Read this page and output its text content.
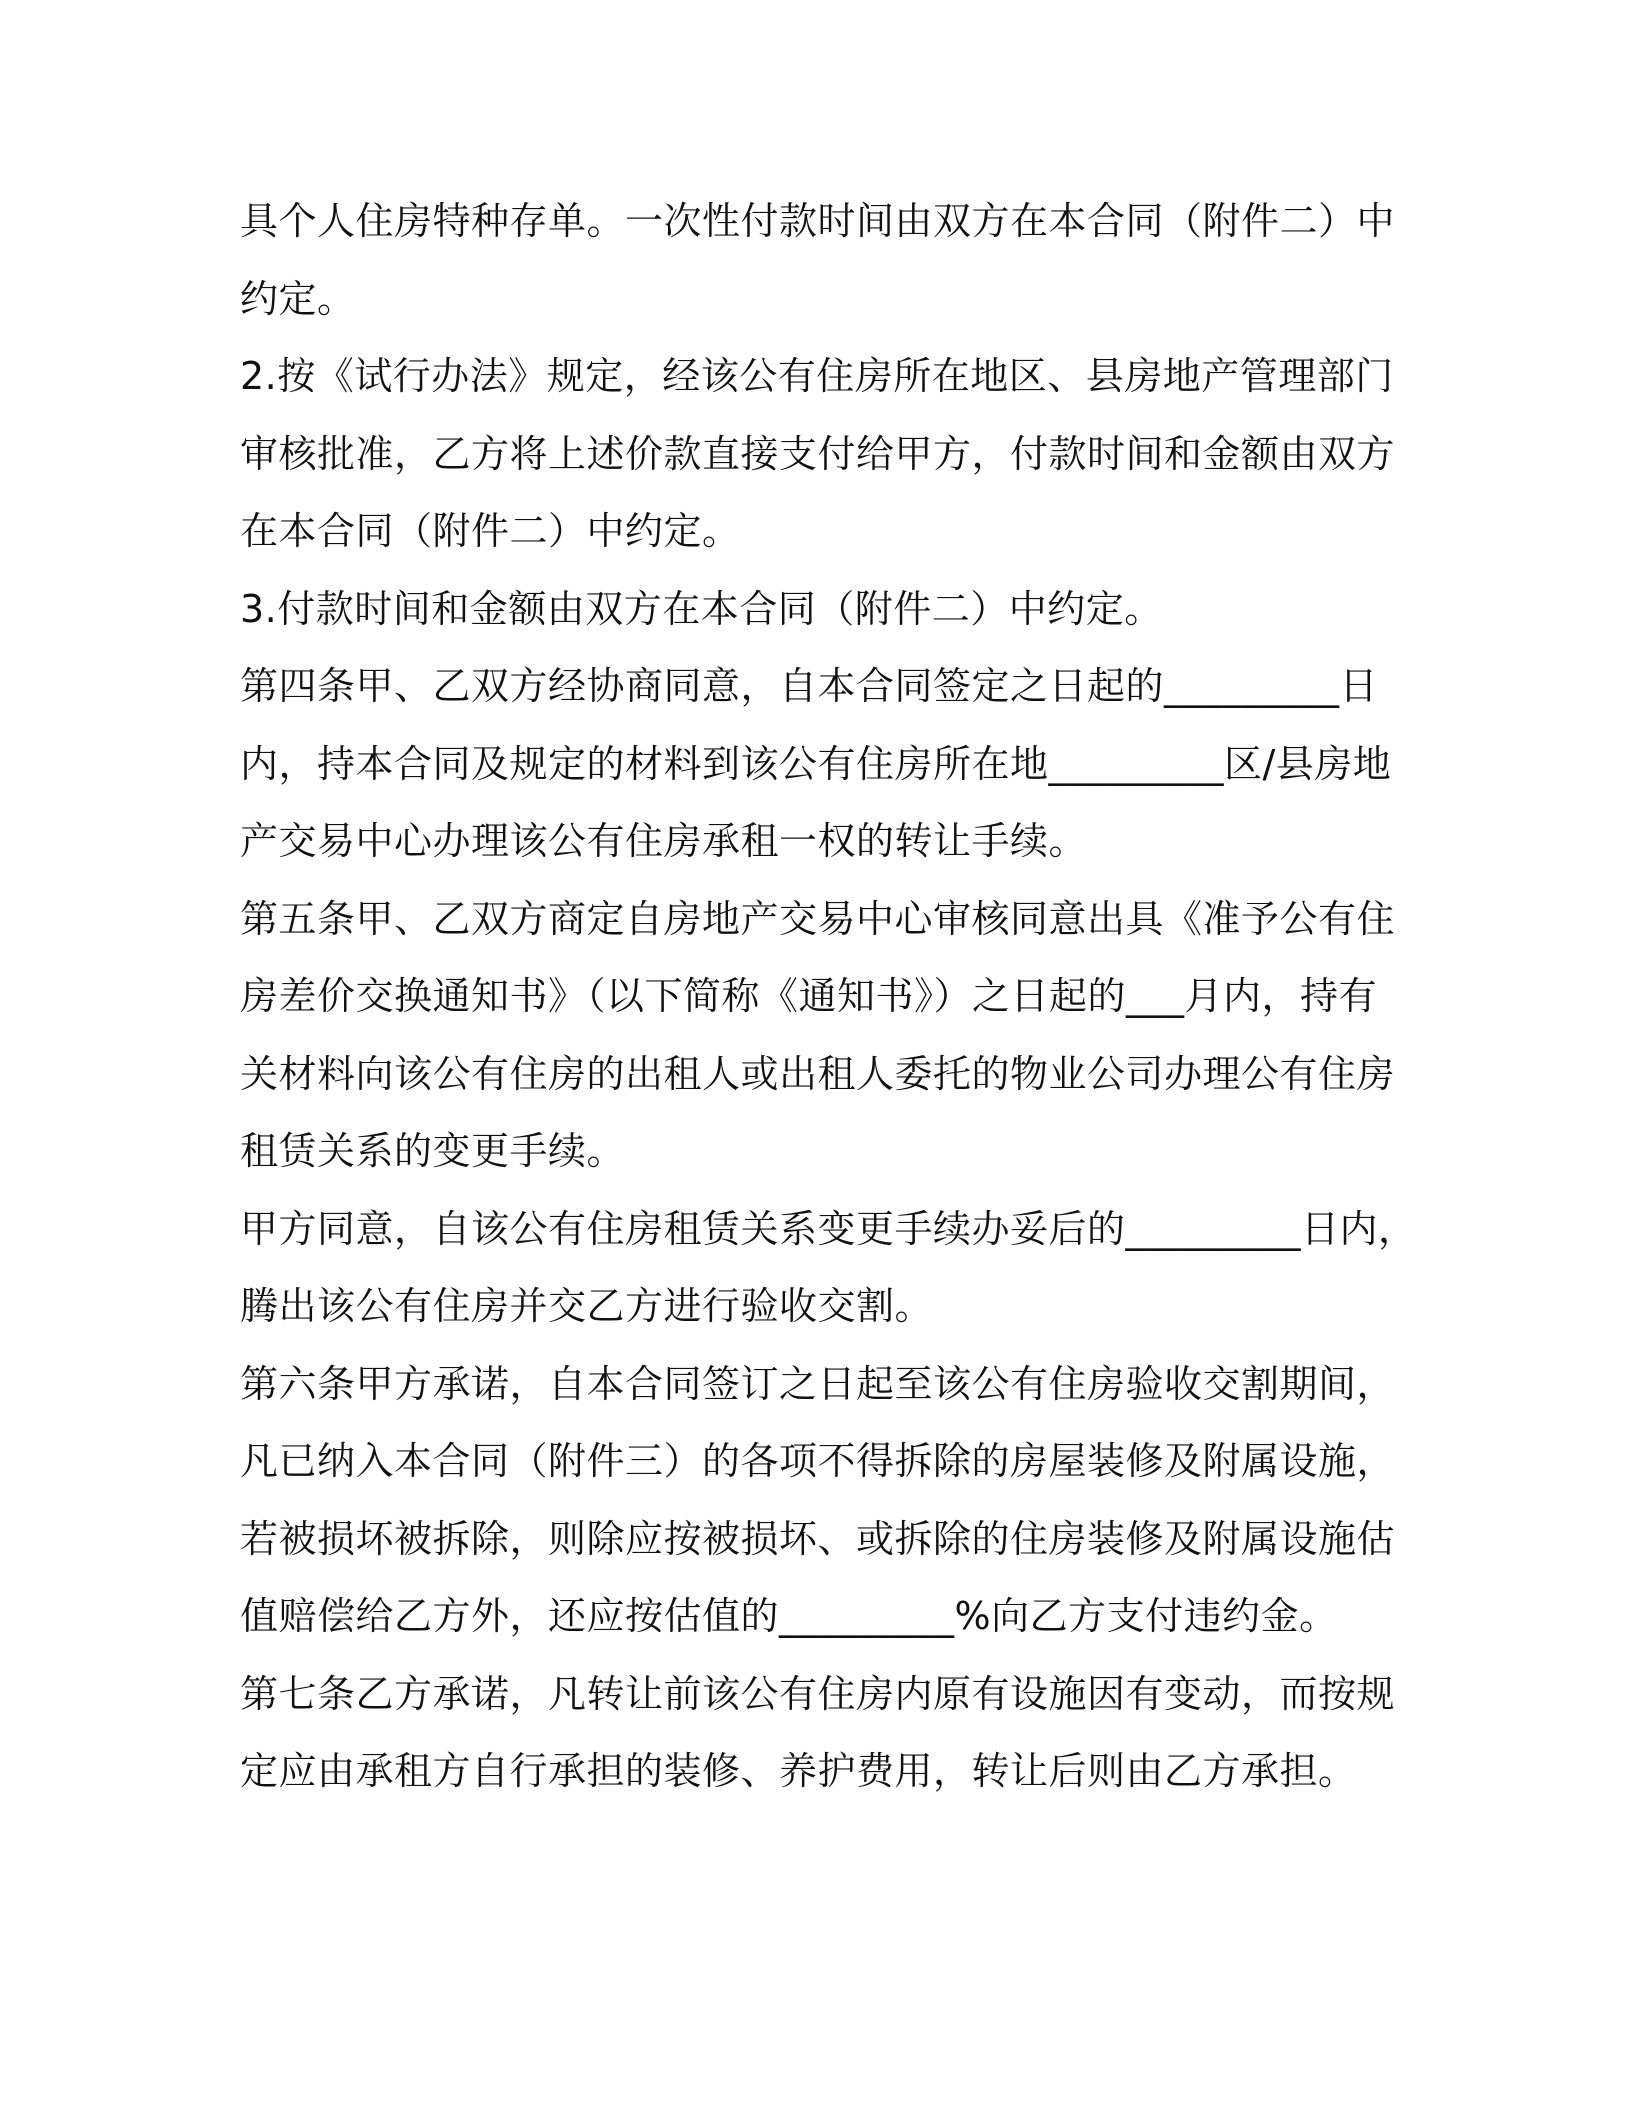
具个人住房特种存单。一次性付款时间由双方在本合同（附件二）中
约定。
2.按《试行办法》规定，经该公有住房所在地区、县房地产管理部门
审核批准，乙方将上述价款直接支付给甲方，付款时间和金额由双方
在本合同（附件二）中约定。
3.付款时间和金额由双方在本合同（附件二）中约定。
第四条甲、乙双方经协商同意，自本合同签定之日起的_________日
内，持本合同及规定的材料到该公有住房所在地_________区/县房地
产交易中心办理该公有住房承租一权的转让手续。
第五条甲、乙双方商定自房地产交易中心审核同意出具《准予公有住
房差价交换通知书》（以下简称《通知书》）之日起的___月内，持有
关材料向该公有住房的出租人或出租人委托的物业公司办理公有住房
租赁关系的变更手续。
甲方同意，自该公有住房租赁关系变更手续办妥后的_________日内，
腾出该公有住房并交乙方进行验收交割。
第六条甲方承诺，自本合同签订之日起至该公有住房验收交割期间，
凡已纳入本合同（附件三）的各项不得拆除的房屋装修及附属设施，
若被损坏被拆除，则除应按被损坏、或拆除的住房装修及附属设施估
值赔偿给乙方外，还应按估值的_________%向乙方支付违约金。
第七条乙方承诺，凡转让前该公有住房内原有设施因有变动，而按规
定应由承租方自行承担的装修、养护费用，转让后则由乙方承担。
